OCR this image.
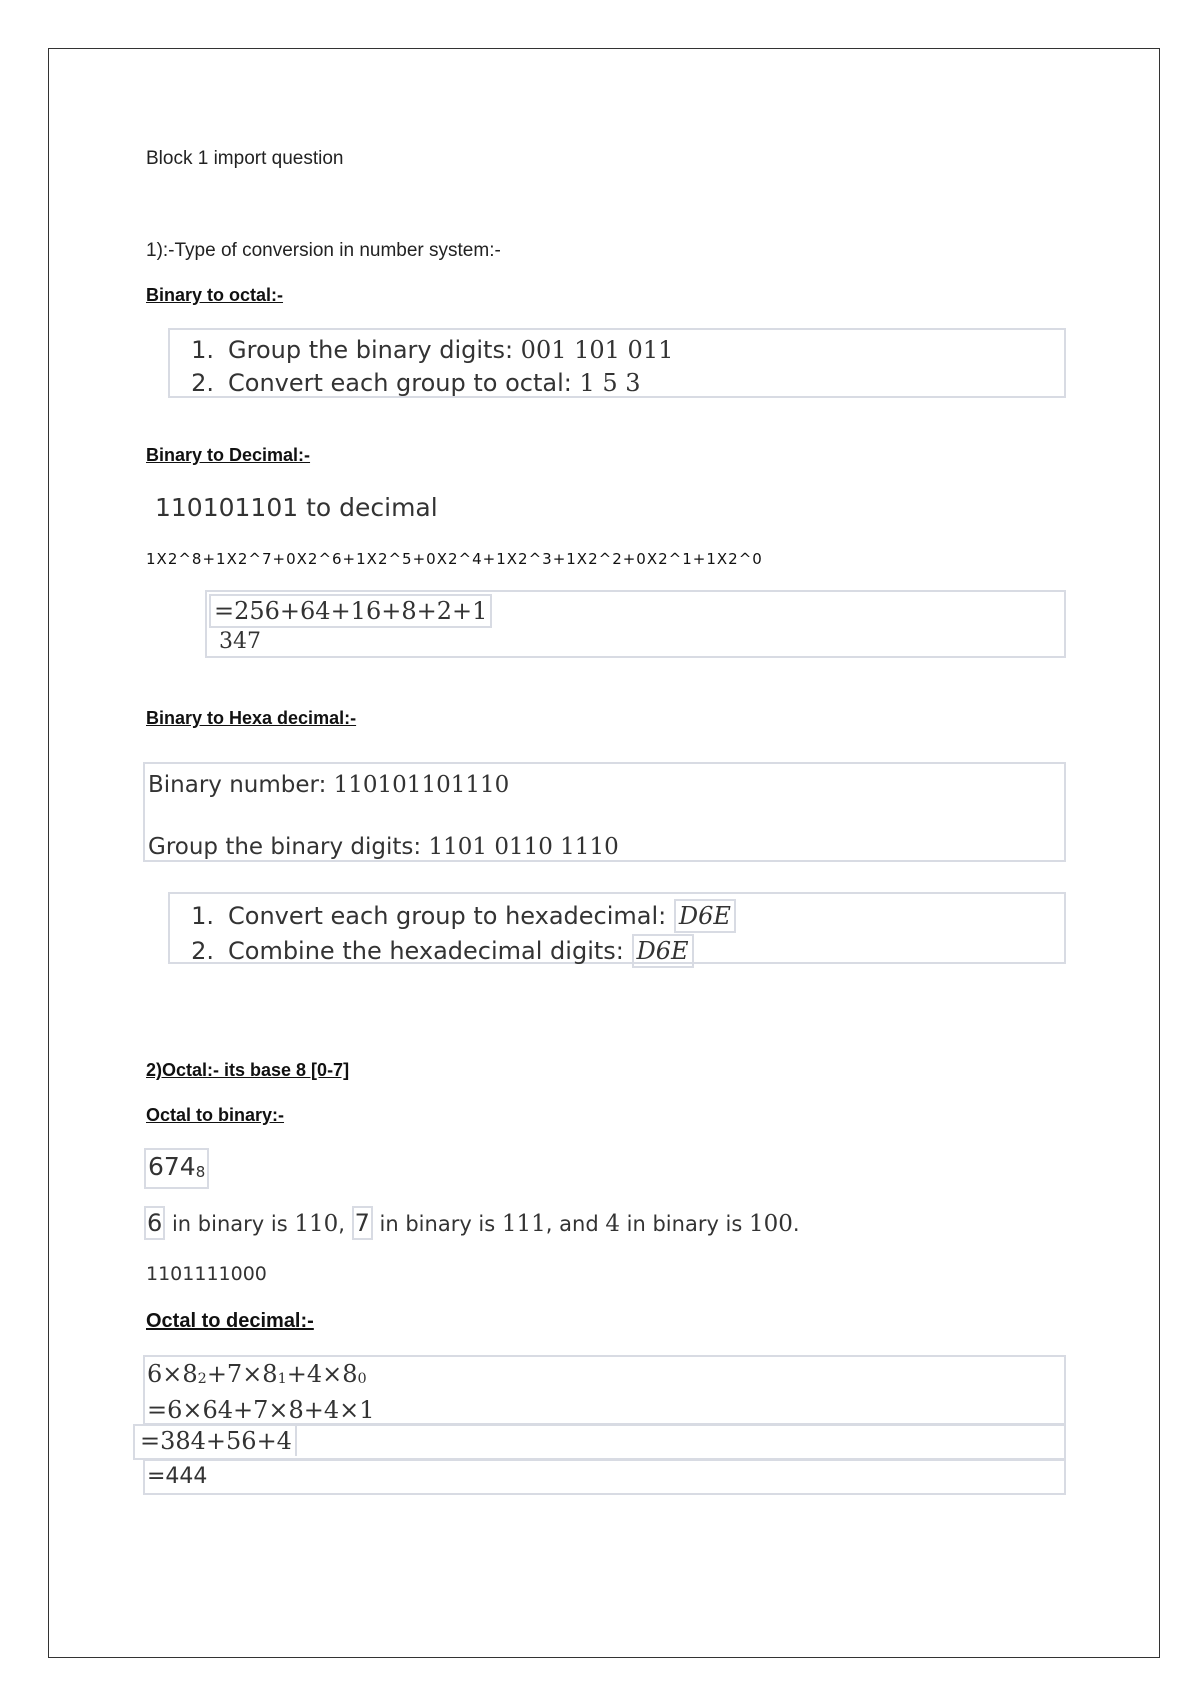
Block 1 import question
1):-Type of conversion in number system:-
Binary to octal:-
1. Group the binary digits: 001 101 011
2. Convert each group to octal: 1 5 3
Binary to Decimal:-
110101101 to decimal
1X2^8+1X2^7+0X2^6+1X2^5+0X2^4+1X2^3+1X2^2+0X2^1+1X2^0
=256+64+16+8+2+1
347
Binary to Hexa decimal:-
Binary number: 110101101110
Group the binary digits: 1101 0110 1110
1. Convert each group to hexadecimal: D6E
2. Combine the hexadecimal digits: D6E
2)Octal:- its base 8 [0-7]
Octal to binary:-
$674_8$
6 in binary is 110, 7 in binary is 111, and 4 in binary is 100.
1101111000
Octal to decimal:-
$6\times 8_2+7\times 8_1+4\times 8_0$
=6×64+7×8+4×1
=384+56+4
=444
